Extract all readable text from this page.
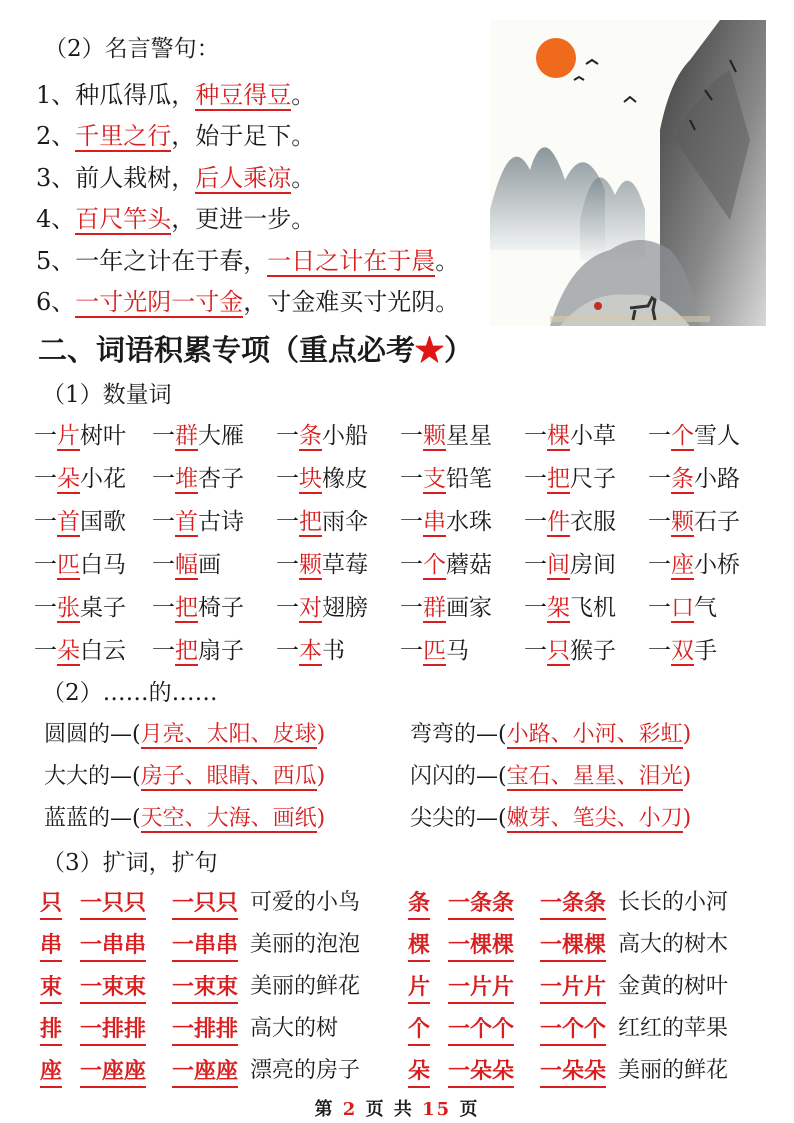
（2）名言警句：
1、种瓜得瓜，种豆得豆。
2、千里之行，始于足下。
3、前人栽树，后人乘凉。
4、百尺竿头，更进一步。
5、一年之计在于春，一日之计在于晨。
6、一寸光阴一寸金，寸金难买寸光阴。
二、词语积累专项（重点必考★）
（1）数量词
一片树叶 一群大雁 一条小船 一颗星星 一棵小草 一个雪人
一朵小花 一堆杏子 一块橡皮 一支铅笔 一把尺子 一条小路
一首国歌 一首古诗 一把雨伞 一串水珠 一件衣服 一颗石子
一匹白马 一幅画 一颗草莓 一个蘑菇 一间房间 一座小桥
一张桌子 一把椅子 一对翅膀 一群画家 一架飞机 一口气
一朵白云 一把扇子 一本书 一匹马 一只猴子 一双手
（2）……的……
圆圆的—(月亮、太阳、皮球)	弯弯的—(小路、小河、彩虹)
大大的—(房子、眼睛、西瓜)	闪闪的—(宝石、星星、泪光)
蓝蓝的—(天空、大海、画纸)	尖尖的—(嫩芽、笔尖、小刀)
（3）扩词，扩句
只 一只只 一只只 可爱的小鸟 条 一条条 一条条 长长的小河
串 一串串 一串串 美丽的泡泡 棵 一棵棵 一棵棵 高大的树木
束 一束束 一束束 美丽的鲜花 片 一片片 一片片 金黄的树叶
排 一排排 一排排 高大的树	个 一个个 一个个 红红的苹果
座 一座座 一座座 漂亮的房子 朵 一朵朵 一朵朵 美丽的鲜花
第 2 页 共 15 页
